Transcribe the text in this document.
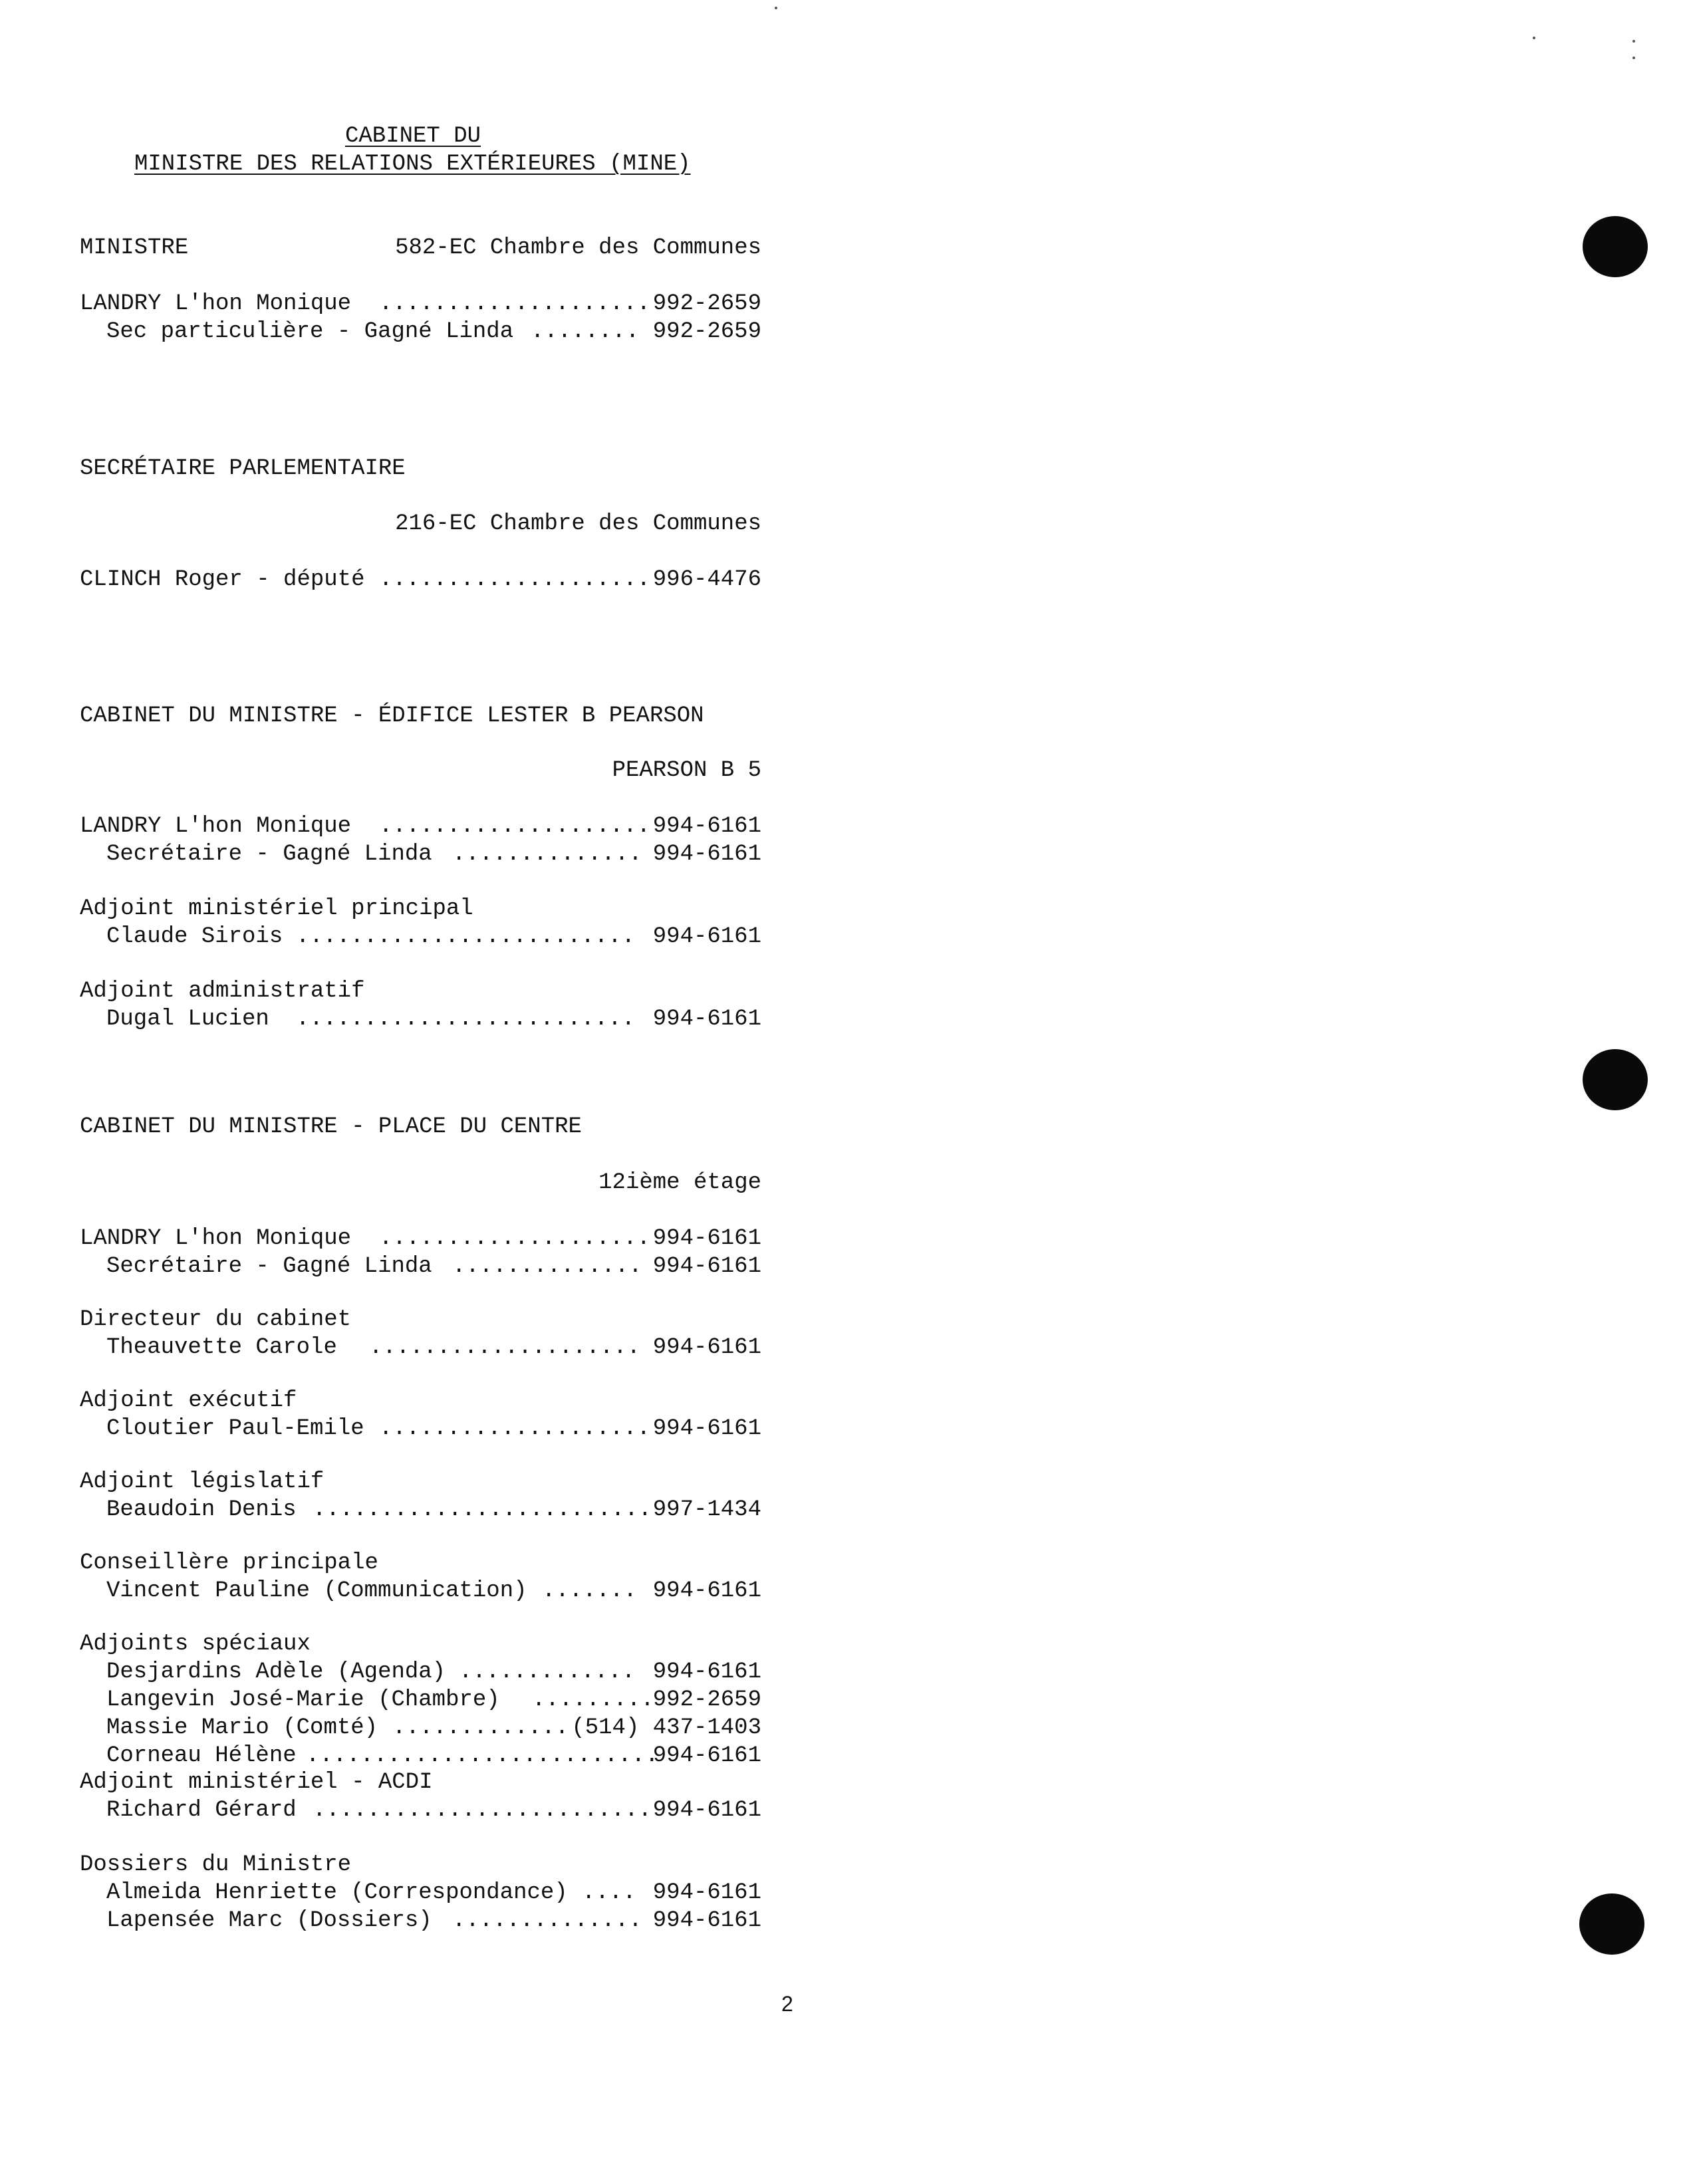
CABINET DU
MINISTRE DES RELATIONS EXTÉRIEURES (MINE)
MINISTRE	582-EC Chambre des Communes
LANDRY L'hon Monique .................... 992-2659
Sec particulière - Gagné Linda ........ 992-2659
SECRÉTAIRE PARLEMENTAIRE
216-EC Chambre des Communes
CLINCH Roger - député .................... 996-4476
CABINET DU MINISTRE - ÉDIFICE LESTER B PEARSON
PEARSON B 5
LANDRY L'hon Monique .................... 994-6161
Secrétaire - Gagné Linda .............. 994-6161
Adjoint ministériel principal
Claude Sirois ......................... 994-6161
Adjoint administratif
Dugal Lucien ......................... 994-6161
CABINET DU MINISTRE - PLACE DU CENTRE
12ième étage
LANDRY L'hon Monique .................... 994-6161
Secrétaire - Gagné Linda .............. 994-6161
Directeur du cabinet
Theauvette Carole .................... 994-6161
Adjoint exécutif
Cloutier Paul-Emile .................... 994-6161
Adjoint législatif
Beaudoin Denis ......................... 997-1434
Conseillère principale
Vincent Pauline (Communication) ....... 994-6161
Adjoints spéciaux
Desjardins Adèle (Agenda) ............. 994-6161
Langevin José-Marie (Chambre) .........
992-2659
Massie Mario (Comté) ............. (514) 437-1403
Corneau Hélène ..........................
994-6161
Adjoint ministériel - ACDI
Richard Gérard ......................... 994-6161
Dossiers du Ministre
Almeida Henriette (Correspondance) .... 994-6161
Lapensée Marc (Dossiers) .............. 994-6161
2
